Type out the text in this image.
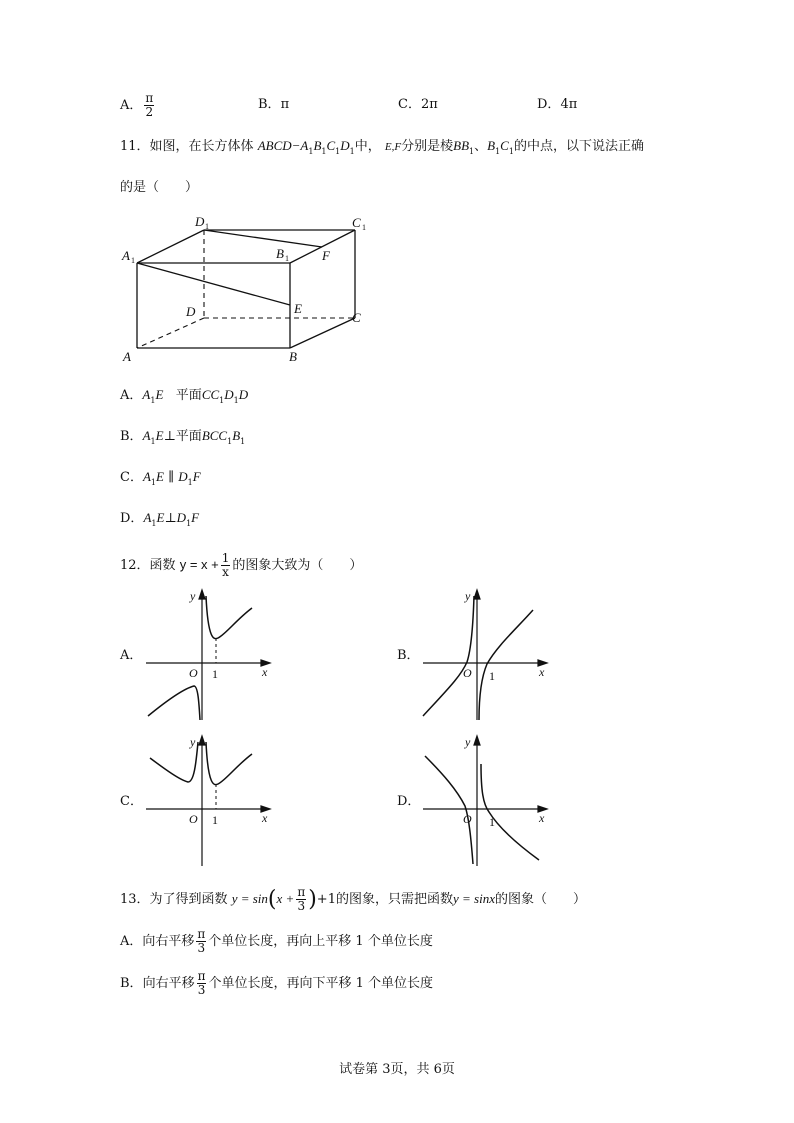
A． $\frac{\pi}{2}$	B．π	C．2π	D．4π
11．如图，在长方体体 $ABCD-A_1B_1C_1D_1$中， E,F分别是棱$BB_1$、$B_1C_1$的中点，以下说法正确
的是（　　）
D 1	C 1
A 1	B 1	F
D	E
C
A	B
A．$A_1E$ 平面$CC_1D_1D$
B．$A_1E\perp$平面$BCC_1B_1$
C．$A_1E$ ∥ $D_1F$
D．$A_1E\perp D_1F$
12．函数 $y = x + \frac{1}{x}$ 的图象大致为（　　）
A．
y
x
O 1
B．
y
x
O 1
C．
y
x
O 1
D．
y
x
O 1
13．为了得到函数 $y = \sin(x + \frac{\pi}{3} )+1$的图象，只需把函数y = sinx的图象（　　）
A．向右平移 $\frac{\pi}{3}$ 个单位长度，再向上平移 1 个单位长度
B．向右平移 $\frac{\pi}{3}$ 个单位长度，再向下平移 1 个单位长度
试卷第 3页，共 6页
